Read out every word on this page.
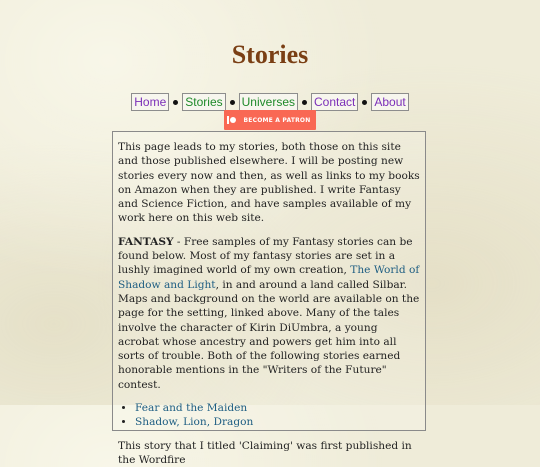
Stories
Home Stories Universes Contact About
BECOME A PATRON

This page leads to my stories, both those on this site and those published elsewhere. I will be posting new stories every now and then, as well as links to my books on Amazon when they are published. I write Fantasy and Science Fiction, and have samples available of my work here on this web site.

FANTASY - Free samples of my Fantasy stories can be found below. Most of my fantasy stories are set in a lushly imagined world of my own creation, The World of Shadow and Light, in and around a land called Silbar. Maps and background on the world are available on the page for the setting, linked above. Many of the tales involve the character of Kirin DiUmbra, a young acrobat whose ancestry and powers get him into all sorts of trouble. Both of the following stories earned honorable mentions in the "Writers of the Future" contest.

• Fear and the Maiden
• Shadow, Lion, Dragon

This story that I titled 'Claiming' was first published in the Wordfire
